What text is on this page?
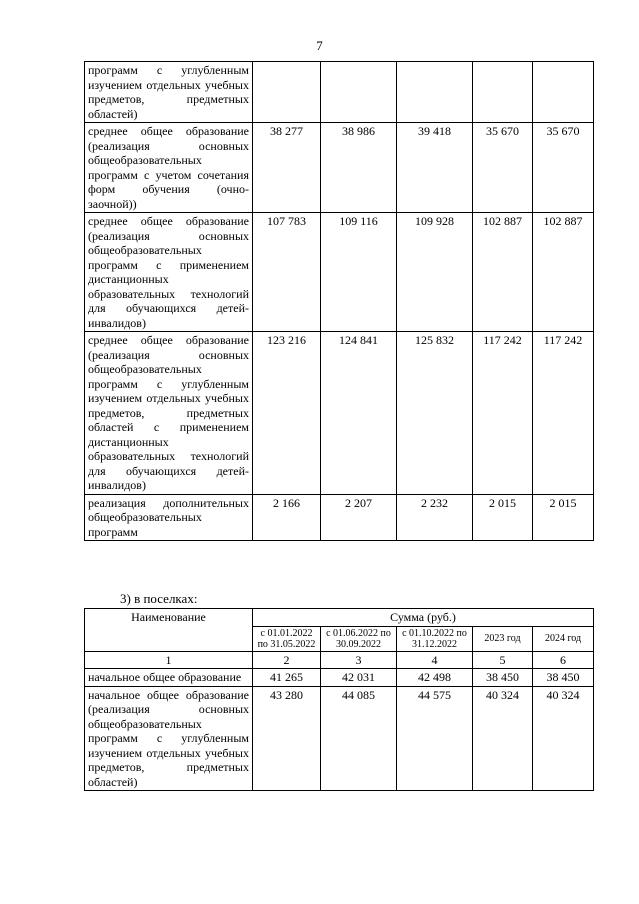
7
программ с углубленным изучением отдельных учебных предметов, предметных областей)					
среднее общее образование (реализация основных общеобразовательных программ с учетом сочетания форм обучения (очно-заочной))	38 277	38 986	39 418	35 670	35 670
среднее общее образование (реализация основных общеобразовательных программ с применением дистанционных образовательных технологий для обучающихся детей-инвалидов)	107 783	109 116	109 928	102 887	102 887
среднее общее образование (реализация основных общеобразовательных программ с углубленным изучением отдельных учебных предметов, предметных областей с применением дистанционных образовательных технологий для обучающихся детей-инвалидов)	123 216	124 841	125 832	117 242	117 242
реализация дополнительных общеобразовательных программ	2 166	2 207	2 232	2 015	2 015
3) в поселках:
Наименование	Сумма (руб.)				
	с 01.01.2022 по 31.05.2022	с 01.06.2022 по 30.09.2022	с 01.10.2022 по 31.12.2022	2023 год	2024 год
1	2	3	4	5	6
начальное общее образование	41 265	42 031	42 498	38 450	38 450
начальное общее образование (реализация основных общеобразовательных программ с углубленным изучением отдельных учебных предметов, предметных областей)	43 280	44 085	44 575	40 324	40 324
